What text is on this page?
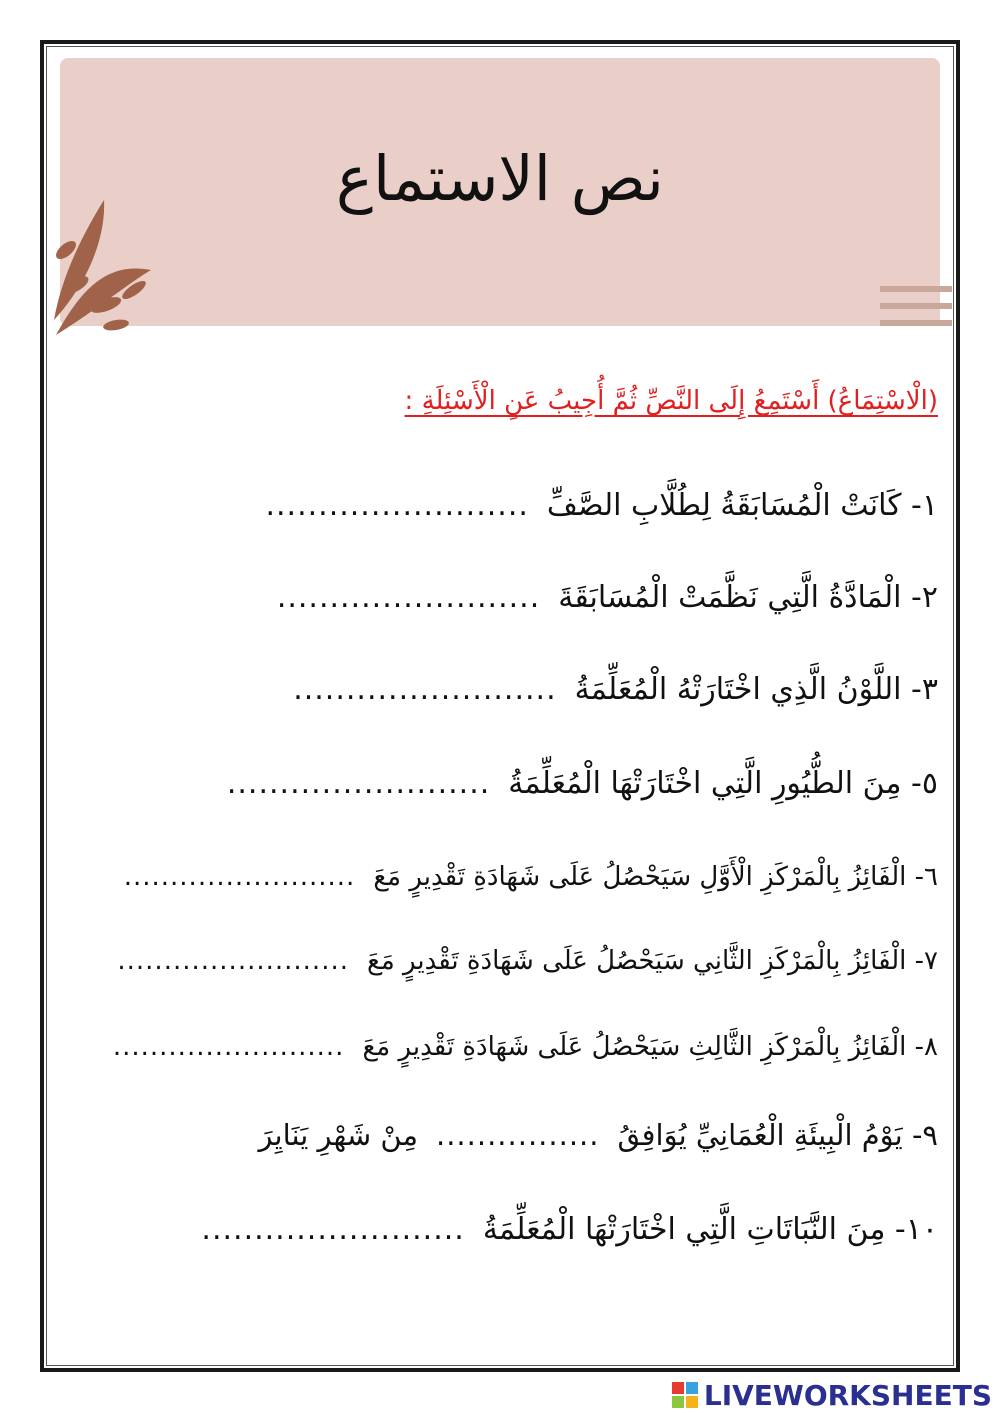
نص الاستماع
(الْاسْتِمَاعُ) أَسْتَمِعُ إِلَى النَّصِّ ثُمَّ أُجِيبُ عَنِ الْأَسْئِلَةِ :
١- كَانَتْ الْمُسَابَقَةُ لِطُلَّابِ الصَّفِّ
.........................
٢- الْمَادَّةُ الَّتِي نَظَّمَتْ الْمُسَابَقَةَ
.........................
٣- اللَّوْنُ الَّذِي اخْتَارَتْهُ الْمُعَلِّمَةُ
.........................
٥- مِنَ الطُّيُورِ الَّتِي اخْتَارَتْهَا الْمُعَلِّمَةُ
.........................
٦- الْفَائِزُ بِالْمَرْكَزِ الْأَوَّلِ سَيَحْصُلُ عَلَى شَهَادَةِ تَقْدِيرٍ مَعَ
.........................
٧- الْفَائِزُ بِالْمَرْكَزِ الثَّانِي سَيَحْصُلُ عَلَى شَهَادَةِ تَقْدِيرٍ مَعَ
.........................
٨- الْفَائِزُ بِالْمَرْكَزِ الثَّالِثِ سَيَحْصُلُ عَلَى شَهَادَةِ تَقْدِيرٍ مَعَ
.........................
٩- يَوْمُ الْبِيئَةِ الْعُمَانِيِّ يُوَافِقُ
................
مِنْ شَهْرِ يَنَايِرَ
١٠- مِنَ النَّبَاتَاتِ الَّتِي اخْتَارَتْهَا الْمُعَلِّمَةُ
.........................
LIVEWORKSHEETS
